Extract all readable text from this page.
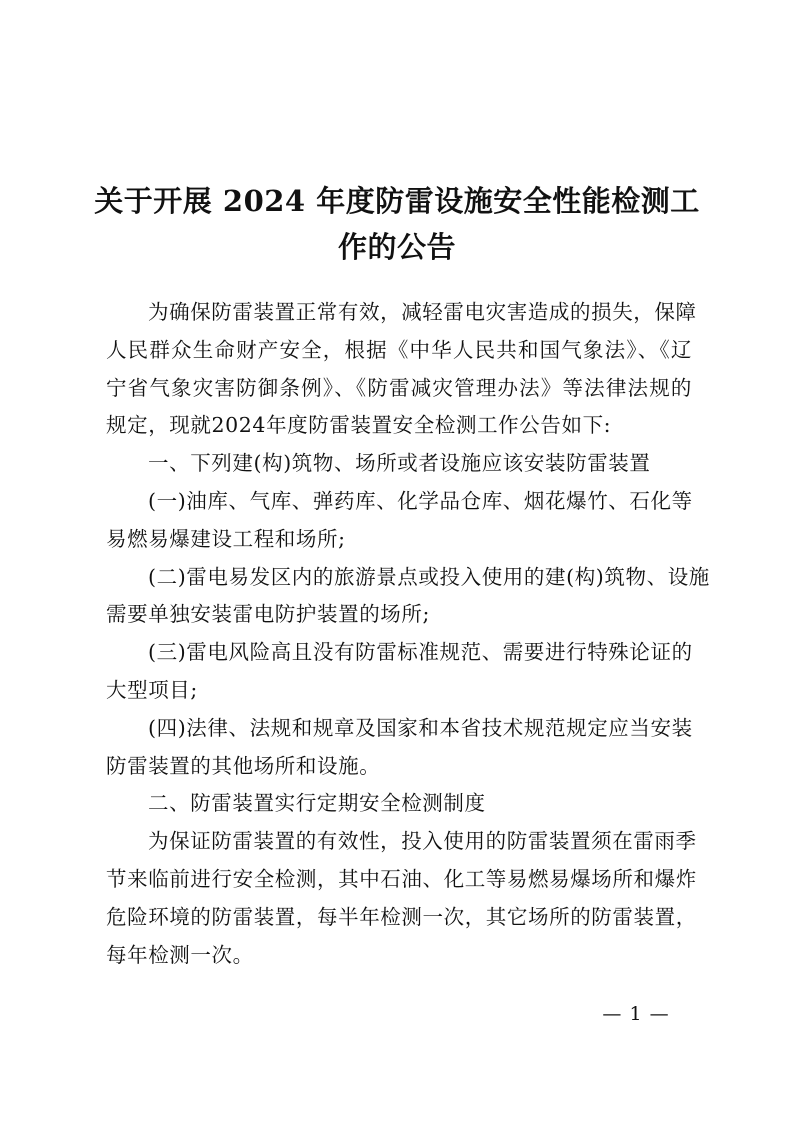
关于开展 2024 年度防雷设施安全性能检测工
作的公告
为确保防雷装置正常有效，减轻雷电灾害造成的损失，保障
人民群众生命财产安全，根据《中华人民共和国气象法》、《辽
宁省气象灾害防御条例》、《防雷减灾管理办法》等法律法规的
规定，现就2024年度防雷装置安全检测工作公告如下:
一、下列建(构)筑物、场所或者设施应该安装防雷装置
(一)油库、气库、弹药库、化学品仓库、烟花爆竹、石化等
易燃易爆建设工程和场所;
(二)雷电易发区内的旅游景点或投入使用的建(构)筑物、设施
需要单独安装雷电防护装置的场所;
(三)雷电风险高且没有防雷标准规范、需要进行特殊论证的
大型项目;
(四)法律、法规和规章及国家和本省技术规范规定应当安装
防雷装置的其他场所和设施。
二、防雷装置实行定期安全检测制度
为保证防雷装置的有效性，投入使用的防雷装置须在雷雨季
节来临前进行安全检测，其中石油、化工等易燃易爆场所和爆炸
危险环境的防雷装置，每半年检测一次，其它场所的防雷装置，
每年检测一次。
— 1 —
